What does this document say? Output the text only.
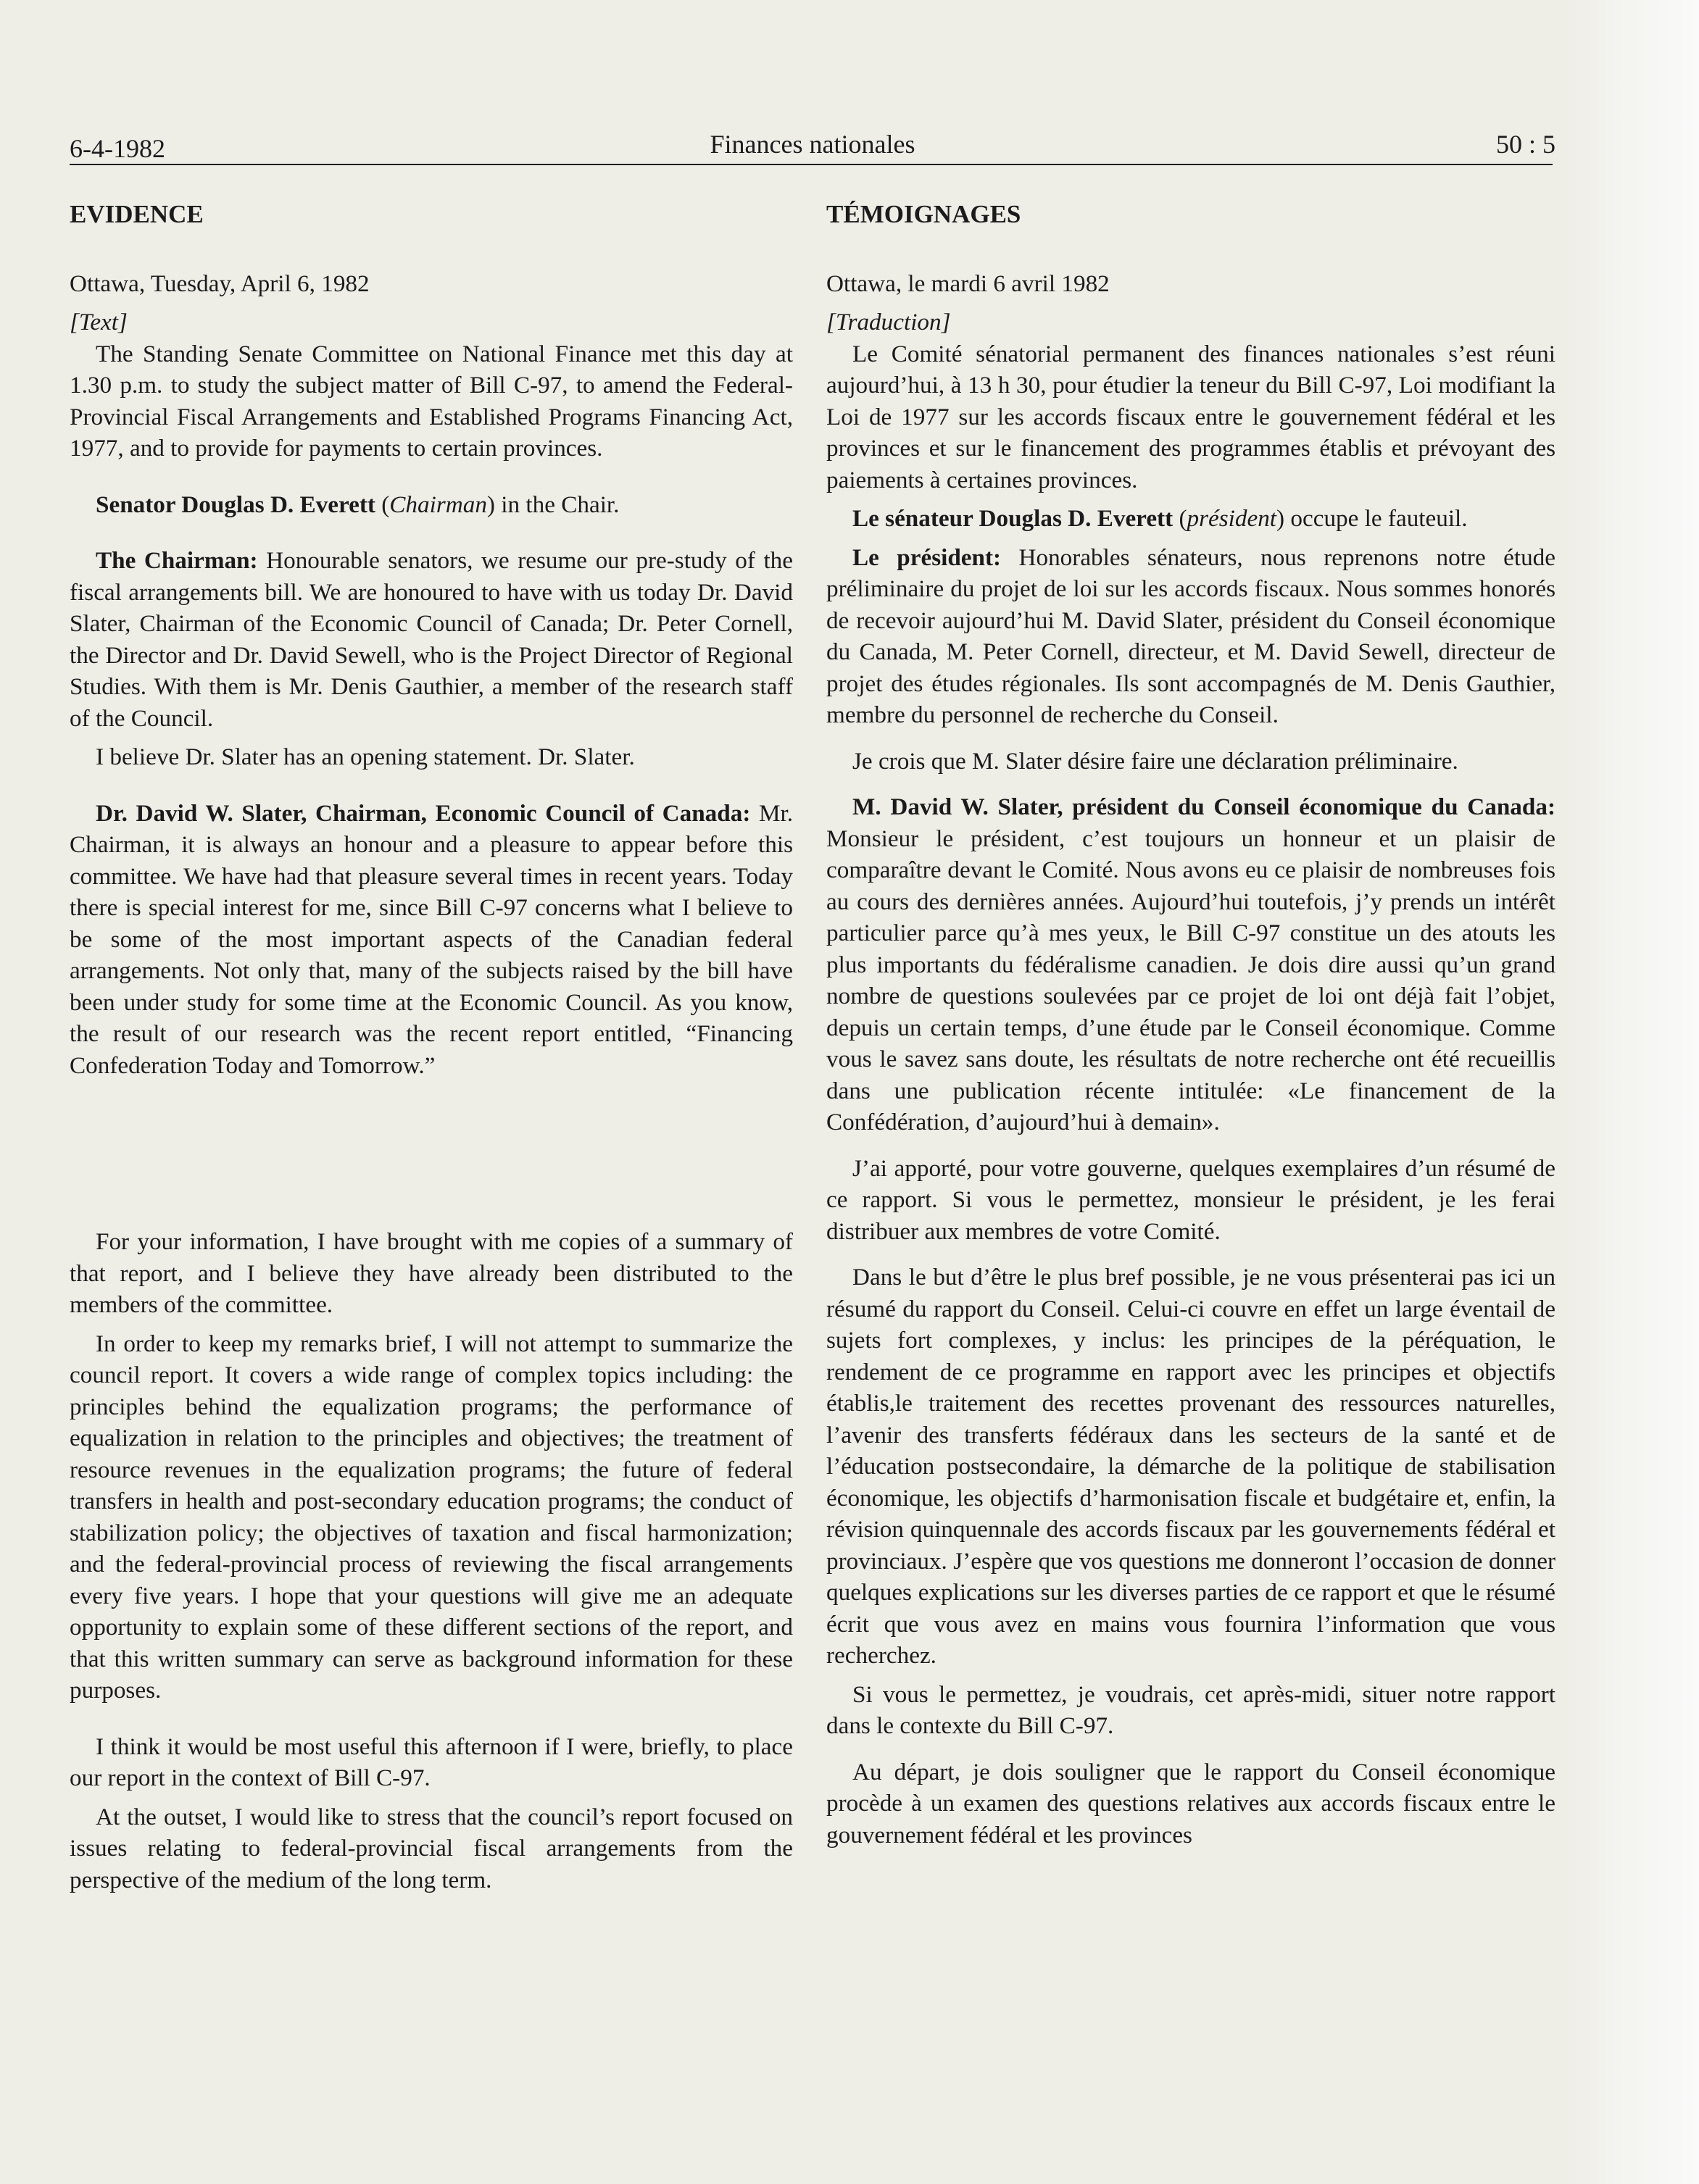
6-4-1982	Finances nationales	50 : 5
EVIDENCE

Ottawa, Tuesday, April 6, 1982

[Text]

The Standing Senate Committee on National Finance met this day at 1.30 p.m. to study the subject matter of Bill C-97, to amend the Federal-Provincial Fiscal Arrangements and Established Programs Financing Act, 1977, and to provide for payments to certain provinces.

Senator Douglas D. Everett (Chairman) in the Chair.

The Chairman: Honourable senators, we resume our pre-study of the fiscal arrangements bill. We are honoured to have with us today Dr. David Slater, Chairman of the Economic Council of Canada; Dr. Peter Cornell, the Director and Dr. David Sewell, who is the Project Director of Regional Studies. With them is Mr. Denis Gauthier, a member of the research staff of the Council.

I believe Dr. Slater has an opening statement. Dr. Slater.

Dr. David W. Slater, Chairman, Economic Council of Canada: Mr. Chairman, it is always an honour and a pleasure to appear before this committee. We have had that pleasure several times in recent years. Today there is special interest for me, since Bill C-97 concerns what I believe to be some of the most important aspects of the Canadian federal arrangements. Not only that, many of the subjects raised by the bill have been under study for some time at the Economic Council. As you know, the result of our research was the recent report entitled, “Financing Confederation Today and Tomorrow.”

For your information, I have brought with me copies of a summary of that report, and I believe they have already been distributed to the members of the committee.

In order to keep my remarks brief, I will not attempt to summarize the council report. It covers a wide range of complex topics including: the principles behind the equalization programs; the performance of equalization in relation to the principles and objectives; the treatment of resource revenues in the equalization programs; the future of federal transfers in health and post-secondary education programs; the conduct of stabilization policy; the objectives of taxation and fiscal harmonization; and the federal-provincial process of reviewing the fiscal arrangements every five years. I hope that your questions will give me an adequate opportunity to explain some of these different sections of the report, and that this written summary can serve as background information for these purposes.

I think it would be most useful this afternoon if I were, briefly, to place our report in the context of Bill C-97.

At the outset, I would like to stress that the council’s report focused on issues relating to federal-provincial fiscal arrangements from the perspective of the medium of the long term.

TÉMOIGNAGES

Ottawa, le mardi 6 avril 1982

[Traduction]

Le Comité sénatorial permanent des finances nationales s’est réuni aujourd’hui, à 13 h 30, pour étudier la teneur du Bill C-97, Loi modifiant la Loi de 1977 sur les accords fiscaux entre le gouvernement fédéral et les provinces et sur le financement des programmes établis et prévoyant des paiements à certaines provinces.

Le sénateur Douglas D. Everett (président) occupe le fauteuil.

Le président: Honorables sénateurs, nous reprenons notre étude préliminaire du projet de loi sur les accords fiscaux. Nous sommes honorés de recevoir aujourd’hui M. David Slater, président du Conseil économique du Canada, M. Peter Cornell, directeur, et M. David Sewell, directeur de projet des études régionales. Ils sont accompagnés de M. Denis Gauthier, membre du personnel de recherche du Conseil.

Je crois que M. Slater désire faire une déclaration préliminaire.

M. David W. Slater, président du Conseil économique du Canada: Monsieur le président, c’est toujours un honneur et un plaisir de comparaître devant le Comité. Nous avons eu ce plaisir de nombreuses fois au cours des dernières années. Aujourd’hui toutefois, j’y prends un intérêt particulier parce qu’à mes yeux, le Bill C-97 constitue un des atouts les plus importants du fédéralisme canadien. Je dois dire aussi qu’un grand nombre de questions soulevées par ce projet de loi ont déjà fait l’objet, depuis un certain temps, d’une étude par le Conseil économique. Comme vous le savez sans doute, les résultats de notre recherche ont été recueillis dans une publication récente intitulée: «Le financement de la Confédération, d’aujourd’hui à demain».

J’ai apporté, pour votre gouverne, quelques exemplaires d’un résumé de ce rapport. Si vous le permettez, monsieur le président, je les ferai distribuer aux membres de votre Comité.

Dans le but d’être le plus bref possible, je ne vous présenterai pas ici un résumé du rapport du Conseil. Celui-ci couvre en effet un large éventail de sujets fort complexes, y inclus: les principes de la péréquation, le rendement de ce programme en rapport avec les principes et objectifs établis,le traitement des recettes provenant des ressources naturelles, l’avenir des transferts fédéraux dans les secteurs de la santé et de l’éducation postsecondaire, la démarche de la politique de stabilisation économique, les objectifs d’harmonisation fiscale et budgétaire et, enfin, la révision quinquennale des accords fiscaux par les gouvernements fédéral et provinciaux. J’espère que vos questions me donneront l’occasion de donner quelques explications sur les diverses parties de ce rapport et que le résumé écrit que vous avez en mains vous fournira l’information que vous recherchez.

Si vous le permettez, je voudrais, cet après-midi, situer notre rapport dans le contexte du Bill C-97.

Au départ, je dois souligner que le rapport du Conseil économique procède à un examen des questions relatives aux accords fiscaux entre le gouvernement fédéral et les provinces
